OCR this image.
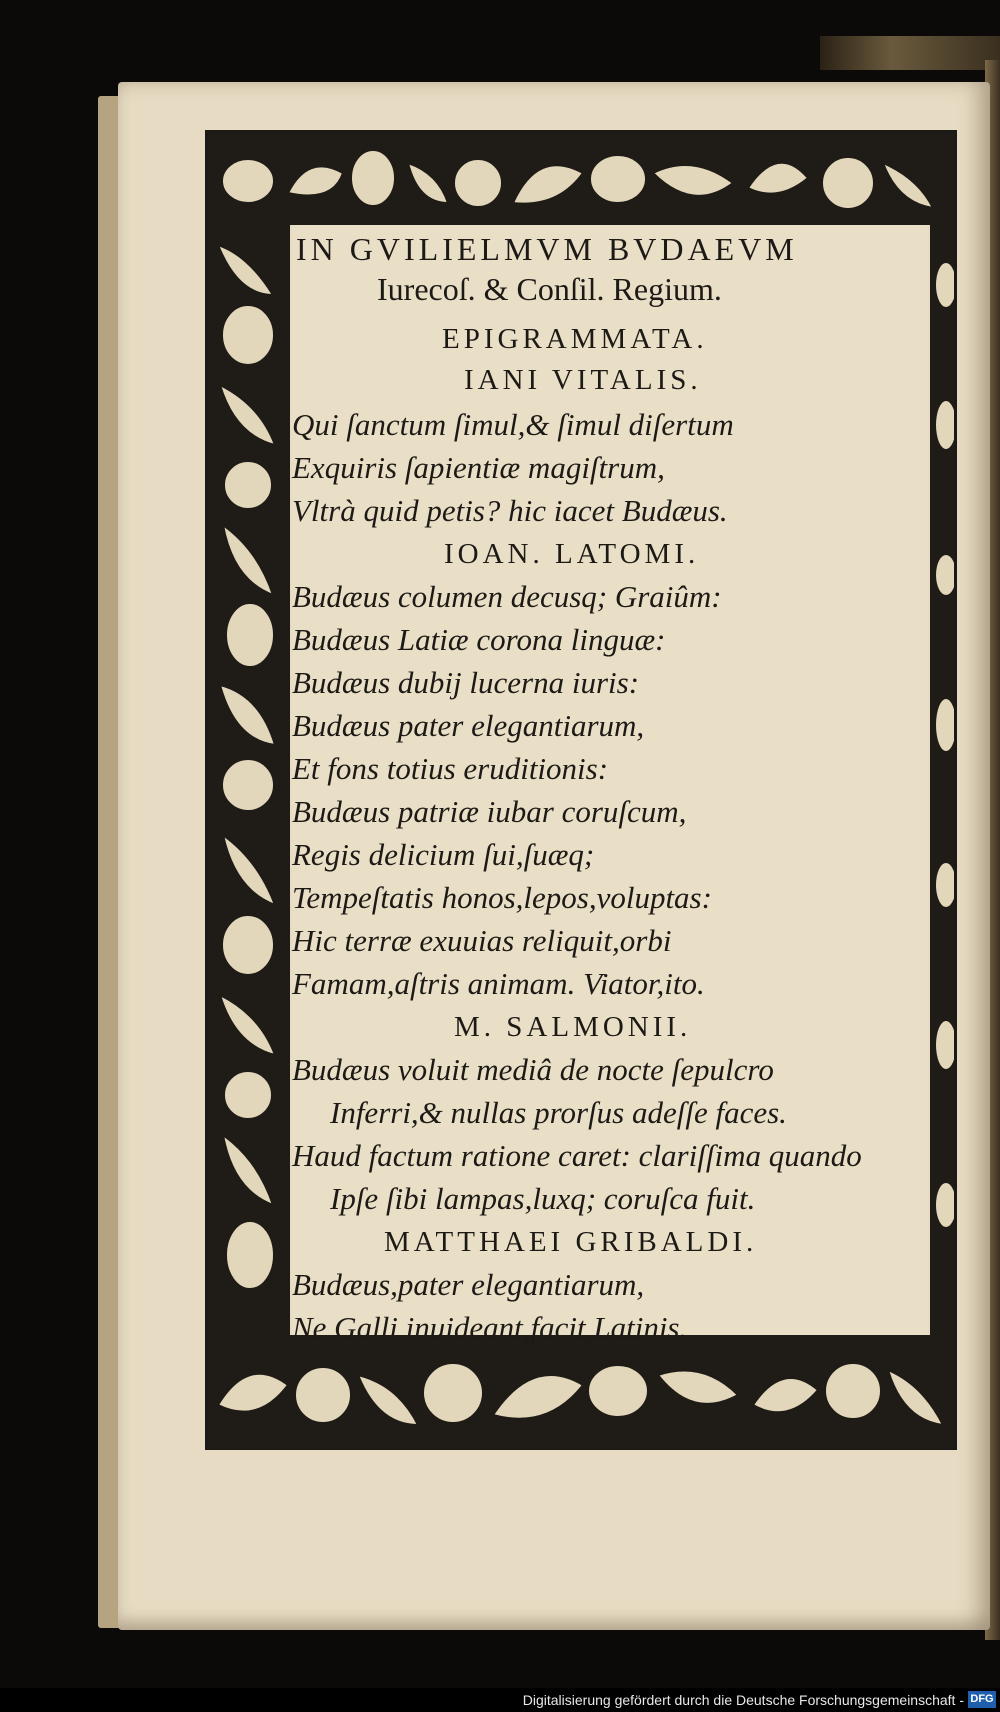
IN GVILIELMVM BVDAEVM
Iurecoſ. & Conſil. Regium.
EPIGRAMMATA.
IANI VITALIS.
Qui ſanctum ſimul,& ſimul diſertum
Exquiris ſapientiæ magiſtrum,
Vltrà quid petis? hic iacet Budæus.
IOAN. LATOMI.
Budæus columen decusq; Graiûm:
Budæus Latiæ corona linguæ:
Budæus dubij lucerna iuris:
Budæus pater elegantiarum,
Et fons totius eruditionis:
Budæus patriæ iubar coruſcum,
Regis delicium ſui,ſuæq;
Tempeſtatis honos,lepos,voluptas:
Hic terræ exuuias reliquit,orbi
Famam,aſtris animam. Viator,ito.
M. SALMONII.
Budæus voluit mediâ de nocte ſepulcro
Inferri,& nullas prorſus adeſſe faces.
Haud factum ratione caret: clariſſima quando
Ipſe ſibi lampas,luxq; coruſca fuit.
MATTHAEI GRIBALDI.
Budæus,pater elegantiarum,
Ne Galli inuideant,facit,Latinis.
Digitalisierung gefördert durch die Deutsche Forschungsgemeinschaft - DFG
